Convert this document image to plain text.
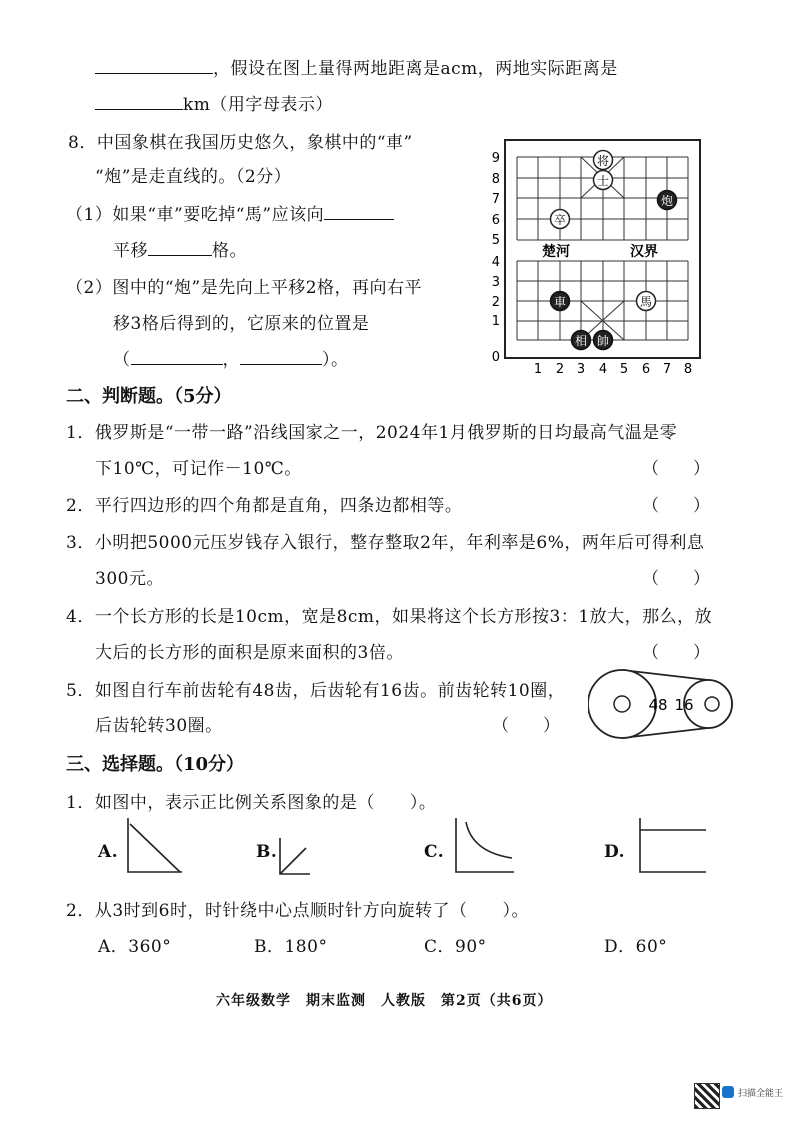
，假设在图上量得两地距离是acm，两地实际距离是
km（用字母表示）
8．中国象棋在我国历史悠久，象棋中的“車”
“炮”是走直线的。（2分）
（1）如果“車”要吃掉“馬”应该向
平移	格。
（2）图中的“炮”是先向上平移2格，再向右平
移3格后得到的，它原来的位置是
（	，	）。
楚河	汉界
9
8
7
6
5
4
3
2
1
0
1 2 3 4 5 6 7 8
将
士
炮
卒
車	馬
相 帥
二、判断题。（5分）
1．俄罗斯是“一带一路”沿线国家之一，2024年1月俄罗斯的日均最高气温是零
下10℃，可记作－10℃。	（　　）
2．平行四边形的四个角都是直角，四条边都相等。	（　　）
3．小明把5000元压岁钱存入银行，整存整取2年，年利率是6%，两年后可得利息
300元。	（　　）
4．一个长方形的长是10cm，宽是8cm，如果将这个长方形按3：1放大，那么，放
大后的长方形的面积是原来面积的3倍。	（　　）
5．如图自行车前齿轮有48齿，后齿轮有16齿。前齿轮转10圈，
后齿轮转30圈。	（　　）
48 16
三、选择题。（10分）
1．如图中，表示正比例关系图象的是（　　）。
A.	B.	C.	D.
2．从3时到6时，时针绕中心点顺时针方向旋转了（　　）。
A．360°	B．180°	C．90°	D．60°
六年级数学　期末监测　人教版　第2页（共6页）
扫描全能王
